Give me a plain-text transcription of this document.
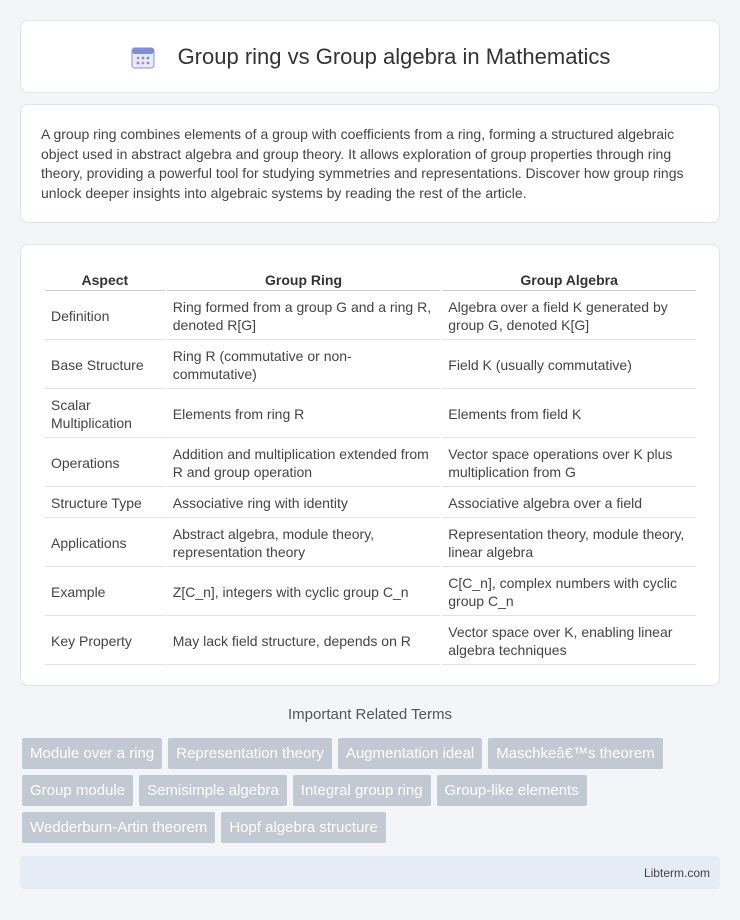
Group ring vs Group algebra in Mathematics

A group ring combines elements of a group with coefficients from a ring, forming a structured algebraic object used in abstract algebra and group theory. It allows exploration of group properties through ring theory, providing a powerful tool for studying symmetries and representations. Discover how group rings unlock deeper insights into algebraic systems by reading the rest of the article.

Aspect	Group Ring	Group Algebra
Definition	Ring formed from a group G and a ring R, denoted R[G]	Algebra over a field K generated by group G, denoted K[G]
Base Structure	Ring R (commutative or non-commutative)	Field K (usually commutative)
Scalar Multiplication	Elements from ring R	Elements from field K
Operations	Addition and multiplication extended from R and group operation	Vector space operations over K plus multiplication from G
Structure Type	Associative ring with identity	Associative algebra over a field
Applications	Abstract algebra, module theory, representation theory	Representation theory, module theory, linear algebra
Example	Z[C_n], integers with cyclic group C_n	C[C_n], complex numbers with cyclic group C_n
Key Property	May lack field structure, depends on R	Vector space over K, enabling linear algebra techniques
Important Related Terms
Module over a ring	Representation theory	Augmentation ideal	Maschkeâ€™s theorem
Group module	Semisimple algebra	Integral group ring	Group-like elements
Wedderburn-Artin theorem	Hopf algebra structure
Libterm.com
